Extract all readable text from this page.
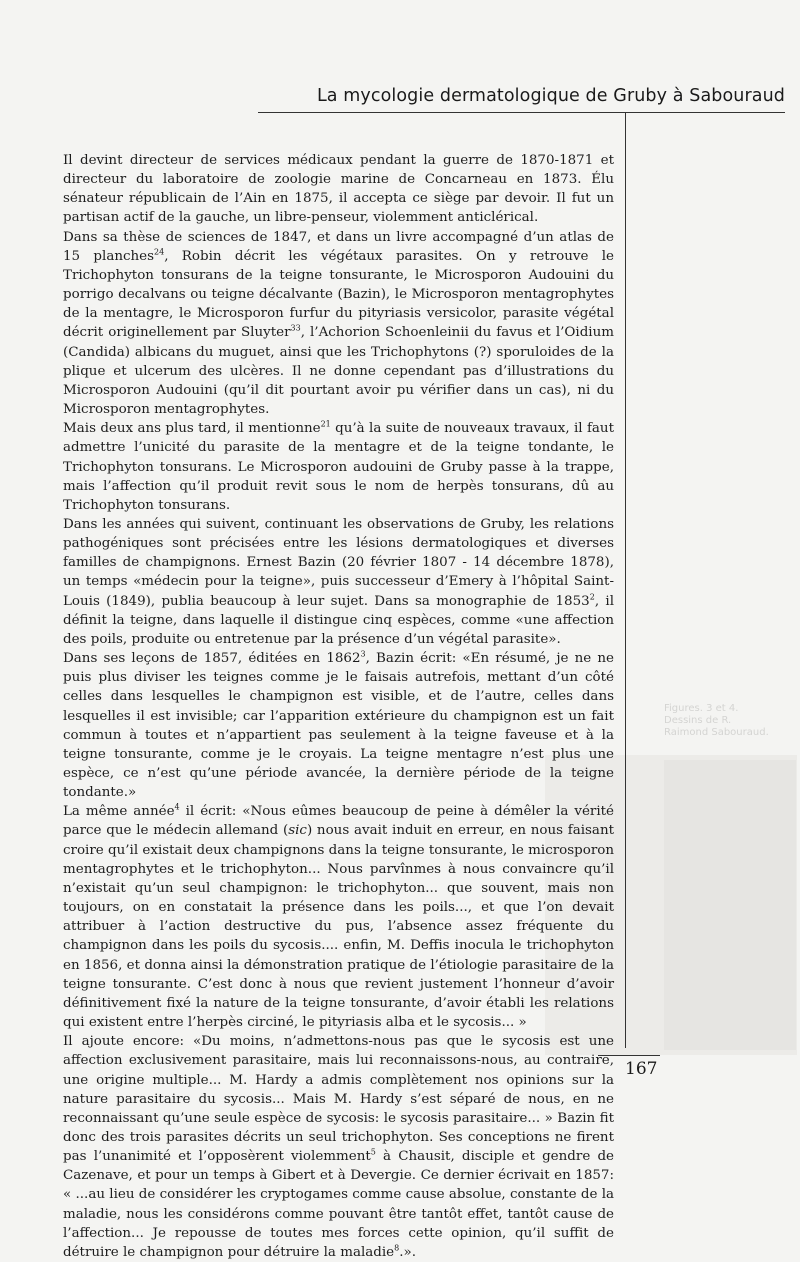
Figures. 3 et 4.
Dessins de R.
Raimond Sabouraud.
La mycologie dermatologique de Gruby à Sabouraud
167

Il devint directeur de services médicaux pendant la guerre de 1870-1871 et directeur du laboratoire de zoologie marine de Concarneau en 1873. Élu sénateur républicain de l’Ain en 1875, il accepta ce siège par devoir. Il fut un partisan actif de la gauche, un libre-penseur, violemment anticlérical.

Dans sa thèse de sciences de 1847, et dans un livre accompagné d’un atlas de 15 planches$^{24}$, Robin décrit les végétaux parasites. On y retrouve le Trichophyton tonsurans de la teigne tonsurante, le Microsporon Audouini du porrigo decalvans ou teigne décalvante (Bazin), le Microsporon mentagrophytes de la mentagre, le Microsporon furfur du pityriasis versicolor, parasite végétal décrit originellement par Sluyter$^{33}$, l’Achorion Schoenleinii du favus et l’Oidium (Candida) albicans du muguet, ainsi que les Trichophytons (?) sporuloides de la plique et ulcerum des ulcères. Il ne donne cependant pas d’illustrations du Microsporon Audouini (qu’il dit pourtant avoir pu vérifier dans un cas), ni du Microsporon mentagrophytes.

Mais deux ans plus tard, il mentionne$^{21}$ qu’à la suite de nouveaux travaux, il faut admettre l’unicité du parasite de la mentagre et de la teigne tondante, le Trichophyton tonsurans. Le Microsporon audouini de Gruby passe à la trappe, mais l’affection qu’il produit revit sous le nom de herpès tonsurans, dû au Trichophyton tonsurans.

Dans les années qui suivent, continuant les observations de Gruby, les relations pathogéniques sont précisées entre les lésions dermatologiques et diverses familles de champignons. Ernest Bazin (20 février 1807 - 14 décembre 1878), un temps «médecin pour la teigne», puis successeur d’Emery à l’hôpital Saint-Louis (1849), publia beaucoup à leur sujet. Dans sa monographie de 1853$^2$, il définit la teigne, dans laquelle il distingue cinq espèces, comme «une affection des poils, produite ou entretenue par la présence d’un végétal parasite».

Dans ses leçons de 1857, éditées en 1862$^3$, Bazin écrit: «En résumé, je ne ne puis plus diviser les teignes comme je le faisais autrefois, mettant d’un côté celles dans lesquelles le champignon est visible, et de l’autre, celles dans lesquelles il est invisible; car l’apparition extérieure du champignon est un fait commun à toutes et n’appartient pas seulement à la teigne faveuse et à la teigne tonsurante, comme je le croyais. La teigne mentagre n’est plus une espèce, ce n’est qu’une période avancée, la dernière période de la teigne tondante.»

La même année$^4$ il écrit: «Nous eûmes beaucoup de peine à démêler la vérité parce que le médecin allemand (sic) nous avait induit en erreur, en nous faisant croire qu’il existait deux champignons dans la teigne tonsurante, le microsporon mentagrophytes et le trichophyton... Nous parvînmes à nous convaincre qu’il n’existait qu’un seul champignon: le trichophyton... que souvent, mais non toujours, on en constatait la présence dans les poils..., et que l’on devait attribuer à l’action destructive du pus, l’absence assez fréquente du champignon dans les poils du sycosis.... enfin, M. Deffis inocula le trichophyton en 1856, et donna ainsi la démonstration pratique de l’étiologie parasitaire de la teigne tonsurante. C’est donc à nous que revient justement l’honneur d’avoir définitivement fixé la nature de la teigne tonsurante, d’avoir établi les relations qui existent entre l’herpès circiné, le pityriasis alba et le sycosis... »

Il ajoute encore: «Du moins, n’admettons-nous pas que le sycosis est une affection exclusivement parasitaire, mais lui reconnaissons-nous, au contraire, une origine multiple... M. Hardy a admis complètement nos opinions sur la nature parasitaire du sycosis... Mais M. Hardy s’est séparé de nous, en ne reconnaissant qu’une seule espèce de sycosis: le sycosis parasitaire... » Bazin fit donc des trois parasites décrits un seul trichophyton. Ses conceptions ne firent pas l’unanimité et l’opposèrent violemment$^5$ à Chausit, disciple et gendre de Cazenave, et pour un temps à Gibert et à Devergie. Ce dernier écrivait en 1857: « ...au lieu de considérer les cryptogames comme cause absolue, constante de la maladie, nous les considérons comme pouvant être tantôt effet, tantôt cause de l’affection... Je repousse de toutes mes forces cette opinion, qu’il suffit de détruire le champignon pour détruire la maladie$^8$.».
